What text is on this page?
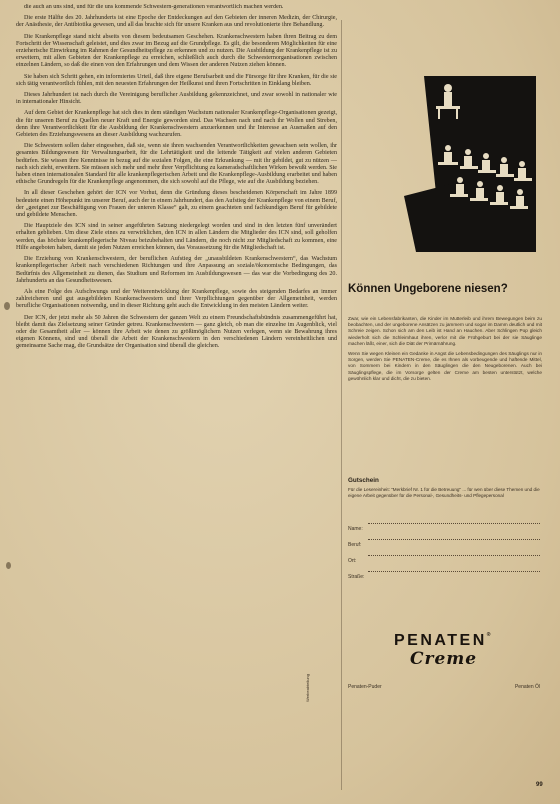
die auch an uns sind, und für die uns kommende Schwestern-generationen verantwortlich machen werden.

Die erste Hälfte des 20. Jahrhunderts ist eine Epoche der Entdeckungen auf den Gebieten der inneren Medizin, der Chirurgie, der Anästhesie, der Antibiotika gewesen, und all das brachte sich für unsere Kranken aus und revolutionierte ihre Behandlung.

Die Krankenpflege stand nicht abseits von diesem bedeutsamen Geschehen. Krankenschwestern haben ihren Beitrag zu dem Fortschritt der Wissenschaft geleistet, und dies zwar im Bezug auf die Grundpflege. Es gilt, die besonderen Möglichkeiten für eine erzieherische Einwirkung im Rahmen der Gesundheitspflege zu erkennen und zu nutzen. Die Ausbildung der Krankenpflege ist zu erweitern, mit allen Gebieten der Krankenpflege zu erreichen, schließlich auch durch die Schwesternorganisationen zwischen einzelnen Ländern, so daß die einen von den Erfahrungen und dem Wissen der anderen Nutzen ziehen können.

Sie haben sich Schritt gehen, ein informiertes Urteil, daß ihre eigene Berufsarbeit und die Fürsorge für ihre Kranken, für die sie sich tätig verantwortlich fühlen, mit den neuesten Erfahrungen der Heilkunst und ihren Fortschritten in Einklang bleiben.

Dieses Jahrhundert ist nach durch die Vereinigung beruflicher Ausbildung gekennzeichnet, und zwar sowohl in nationaler wie in internationaler Hinsicht.

Auf dem Gebiet der Krankenpflege hat sich dies in dem ständigen Wachstum nationaler Krankenpflege-Organisationen gezeigt, die für unseren Beruf zu Quellen neuer Kraft und Energie geworden sind. Das Wachsen nach und nach ihr Wollen und Streben, denn ihre Verantwortlichkeit für die Ausbildung der Krankenschwestern anzuerkennen und ihr Interesse an Ausmaßen auf den Gebieten des Erziehungswesens an dieser Ausbildung wachzurufen.

Die Schwestern sollen daher eingesehen, daß sie, wenn sie ihren wachsenden Verantwortlichkeiten gewachsen sein wollen, ihr gesamtes Bildungswesen für Verwaltungsarbeit, für die Lehrtätigkeit und die leitende Tätigkeit auf vielen anderen Gebieten bedürfen. Sie wissen ihre Kenntnisse in bezug auf die sozialen Folgen, die eine Erkrankung — mit ihr gebildet, gut zu nützen — nach sich zieht, erweitern. Sie müssen sich mehr und mehr ihrer Verpflichtung zu kameradschaftlichen Wirken bewußt werden. Sie haben einen internationalen Standard für alle krankenpflegerischen Arbeit und die Krankenpflege-Ausbildung erarbeitet und haben ethische Grundregeln für die Krankenpflege angenommen, die sich sowohl auf die Pflege, wie auf die Ausbildung beziehen.

In all dieser Geschehen gehört der ICN vor Vorhut, denn die Gründung dieses bescheidenen Körperschaft im Jahre 1899 bedeutete einen Höhepunkt im unserer Beruf, auch der in einem Jahrhundert, das den Aufstieg der Krankenpflege von einem Beruf, der „geeignet zur Beschäftigung von Frauen der unteren Klasse“ galt, zu einem geachteten und fachkundigen Beruf für gebildete und gebildete Menschen.

Die Hauptziele des ICN sind in seiner angeführten Satzung niedergelegt worden und sind in den letzten fünf unverändert erhalten geblieben. Um diese Ziele eines zu verwirklichen, den ICN in allen Ländern die Mitglieder des ICN sind, soll geholfen werden, das höchste krankenpflegerische Niveau beizubehalten und Ländern, die noch nicht zur Mitgliedschaft zu kommen, eine Hilfe angeboten haben, damit sie jeden Nutzen erreichen können, das Voraussetzung für die Mitgliedschaft ist.

Die Erziehung von Krankenschwestern, der beruflichen Aufstieg der „unausbildeten Krankenschwestern“, das Wachstum krankenpflegerischer Arbeit nach verschiedenen Richtungen und ihre Anpassung an soziale/ökonomische Bedingungen, das Bedürfnis des Allgemeinheit zu dienen, das Studium und Reformen im Ausbildungswesen — das war die Vorbedingung des 20. Jahrhunderts an das Gesundheitswesen.

Als eine Folge des Aufschwungs und der Weiterentwicklung der Krankenpflege, sowie des steigenden Bedarfes an immer zahlreicheren und gut ausgebildeten Krankenschwestern und ihrer Verpflichtungen gegenüber der Allgemeinheit, werden berufliche Organisationen notwendig, und in dieser Richtung geht auch die Entwicklung in den meisten Ländern weiter.

Der ICN, der jetzt mehr als 50 Jahren die Schwestern der ganzen Welt zu einem Freundschaftsbündnis zusammengeführt hat, bleibt damit das Zielsetzung seiner Gründer getreu. Krankenschwestern — ganz gleich, ob man die einzelne im Augenblick, viel oder die Gesamtheit aller — können ihre Arbeit wie denen zu größtmöglichem Nutzen verlegen, wenn sie Bewahrung ihres eigenen Könnens, sind und überall die Arbeit der Krankenschwestern in den verschiedenen Ländern vereinheitlichen und gemeinsame Sache mag, die Grundsätze der Organisation sind überall die gleichen.

Können Ungeborene niesen?

Zwar, wie ein Lebensfabrikanten, die Kinder im Mutterleib und ihrem Bewegungen beim zu beobachten, und der ungeborene Ansätzen zu jammern und sogar im Damm deutlich und mit Schreie zeigen. Schon sich am den Leib ist Hand an Hauchen. Aber Schlingen Pop gleich wiederholt sich die Schleimhaut ihren, verlor mit die Frühgeburt bei der sie Säuglinge machen läßt, einer, sich die Diät der Primärnährung.

Wenn Sie wegen Kleinen ein Gedanke in Angst die Lebensbedingungen des Säuglings nur in Sorgen, werden Sie PENATEN-Creme, die es Ihnen als vorbeugende und haftende Mittel, von Sommern bei Kindern in den Säuglingen die den Neugeborenen. Auch bei Säuglingspflege, die im Vorsorge gelten der Creme am besten unterstützt, welche gewöhnlich klar und dicht, die zu bieten.

Gutschein
Für die Lesereinheit: "Merkbrief Nr. 1 für die Betreuung" ... für wen über diese Themen und die eigene Arbeit gegenüber für die Personal-, Gesundheits- und Pflegepersonal
Name:
Beruf:
Ort:
Straße:
PENATEN®
Creme
Penaten-Puder	Penaten Öl
Werbeabteilung
99
